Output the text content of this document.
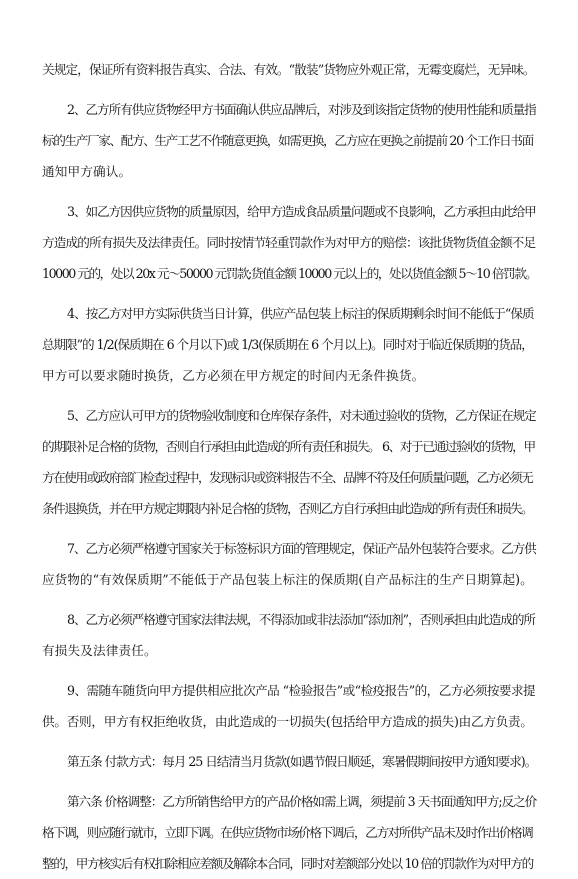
关规定，保证所有资料报告真实、合法、有效。“散装”货物应外观正常，无霉变腐烂，无异味。

2、乙方所有供应货物经甲方书面确认供应品牌后，对涉及到该指定货物的使用性能和质量指
标的生产厂家、配方、生产工艺不作随意更换，如需更换，乙方应在更换之前提前 20 个工作日书面
通知甲方确认。

3、如乙方因供应货物的质量原因，给甲方造成食品质量问题或不良影响，乙方承担由此给甲
方造成的所有损失及法律责任。同时按情节轻重罚款作为对甲方的赔偿：该批货物货值金额不足
10000 元的，处以 20x 元～50000 元罚款;货值金额 10000 元以上的，处以货值金额 5～10 倍罚款。

4、按乙方对甲方实际供货当日计算，供应产品包装上标注的保质期剩余时间不能低于“保质
总期限”的 1/2(保质期在 6 个月以下)或 1/3(保质期在 6 个月以上)。同时对于临近保质期的货品，
甲方可以要求随时换货，乙方必须在甲方规定的时间内无条件换货。

5、乙方应认可甲方的货物验收制度和仓库保存条件，对未通过验收的货物，乙方保证在规定
的期限补足合格的货物，否则自行承担由此造成的所有责任和损失。 6、对于已通过验收的货物，甲
方在使用或政府部门检查过程中，发现标识或资料报告不全、品牌不符及任何质量问题，乙方必须无
条件退换货，并在甲方规定期限内补足合格的货物，否则乙方自行承担由此造成的所有责任和损失。

7、乙方必须严格遵守国家关于标签标识方面的管理规定，保证产品外包装符合要求。乙方供
应货物的“有效保质期”不能低于产品包装上标注的保质期(自产品标注的生产日期算起)。

8、乙方必须严格遵守国家法律法规，不得添加或非法添加“添加剂”，否则承担由此造成的所
有损失及法律责任。

9、需随车随货向甲方提供相应批次产品 “检验报告”或“检疫报告”的，乙方必须按要求提
供。否则，甲方有权拒绝收货，由此造成的一切损失(包括给甲方造成的损失)由乙方负责。

第五条 付款方式：每月 25 日结清当月货款(如遇节假日顺延，寒暑假期间按甲方通知要求)。

第六条 价格调整：乙方所销售给甲方的产品价格如需上调，须提前 3 天书面通知甲方;反之价
格下调，则应随行就市，立即下调。在供应货物市场价格下调后，乙方对所供产品未及时作出价格调
整的，甲方核实后有权扣除相应差额及解除本合同，同时对差额部分处以 10 倍的罚款作为对甲方的
